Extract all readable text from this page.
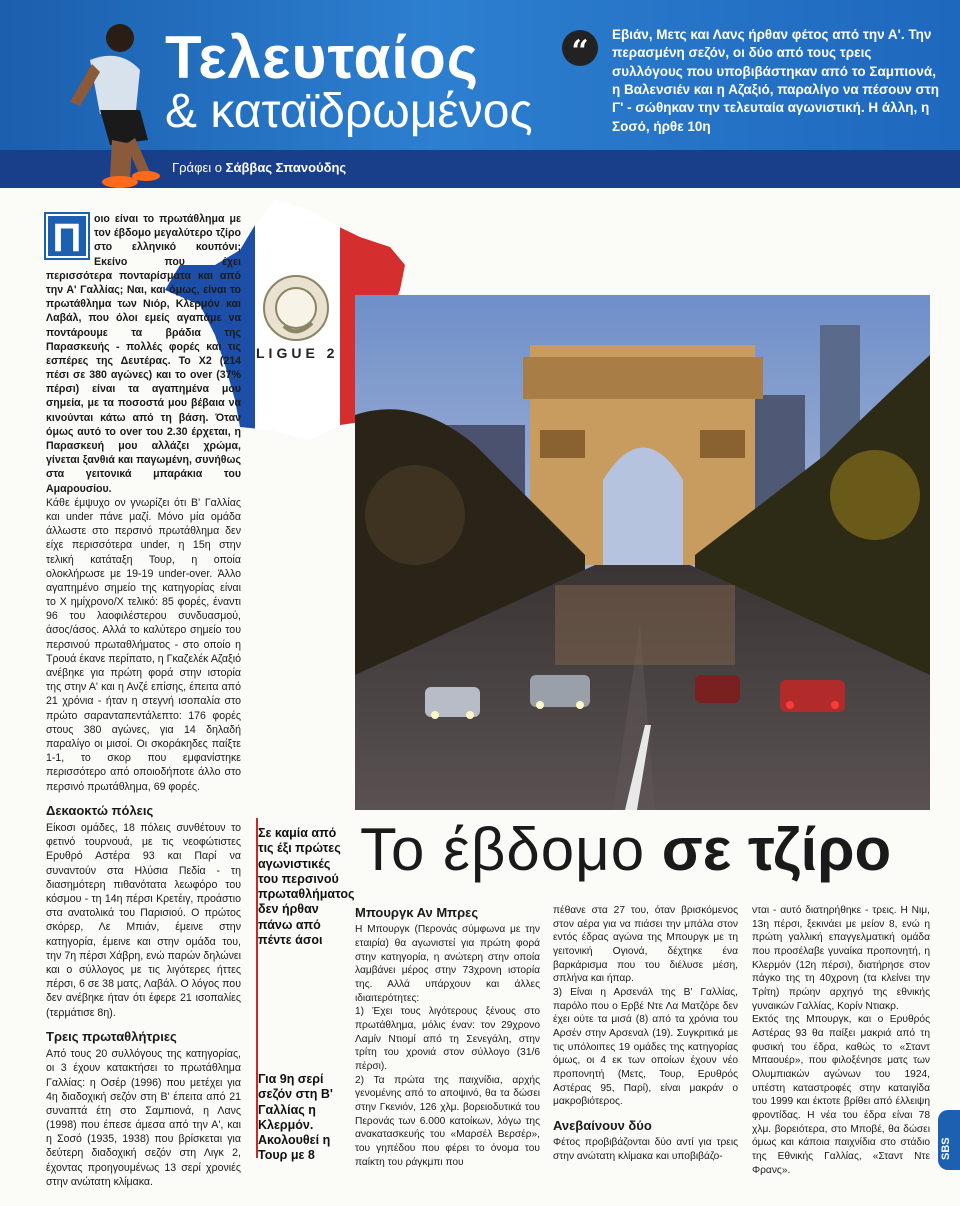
Τελευταίος
& καταϊδρωμένος
Γράφει ο Σάββας Σπανούδης
“	Εβιάν, Μετς και Λανς ήρθαν φέτος από την Α'. Την περασμένη σεζόν, οι δύο από τους τρεις συλλόγους που υποβιβάστηκαν από το Σαμπιονά, η Βαλενσιέν και η Αζαξιό, παραλίγο να πέσουν στη Γ' - σώθηκαν την τελευταία αγωνιστική. Η άλλη, η Σοσό, ήρθε 10η
LIGUE 2
Π	οιο είναι το πρωτάθλημα με τον έβδομο μεγαλύτερο τζίρο στο ελληνικό κουπόνι; Εκείνο που έχει περισσότερα πονταρίσματα και από την Α' Γαλλίας; Ναι, και όμως, είναι το πρωτάθλημα των Νιόρ, Κλερμόν και Λαβάλ, που όλοι εμείς αγαπάμε να ποντάρουμε τα βράδια της Παρασκευής - πολλές φορές και τις εσπέρες της Δευτέρας. Το Χ2 (214 πέσι σε 380 αγώνες) και το over (37% πέρσι) είναι τα αγαπημένα μου σημεία, με τα ποσοστά μου βέβαια να κινούνται κάτω από τη βάση. Όταν όμως αυτό το over του 2.30 έρχεται, η Παρασκευή μου αλλάζει χρώμα, γίνεται ξανθιά και παγωμένη, συνήθως στα γειτονικά μπαράκια του Αμαρουσίου.

Κάθε έμψυχο ον γνωρίζει ότι Β' Γαλλίας και under πάνε μαζί. Μόνο μία ομάδα άλλωστε στο περσινό πρωτάθλημα δεν είχε περισσότερα under, η 15η στην τελική κατάταξη Τουρ, η οποία ολοκλήρωσε με 19-19 under-over. Άλλο αγαπημένο σημείο της κατηγορίας είναι το Χ ημίχρονο/Χ τελικό: 85 φορές, έναντι 96 του λαοφιλέστερου συνδυασμού, άσος/άσος. Αλλά το καλύτερο σημείο του περσινού πρωταθλήματος - στο οποίο η Τρουά έκανε περίπατο, η Γκαζελέκ Αζαξιό ανέβηκε για πρώτη φορά στην ιστορία της στην Α' και η Ανζέ επίσης, έπειτα από 21 χρόνια - ήταν η στεγνή ισοπαλία στο πρώτο σαρανταπεντάλεπτο: 176 φορές στους 380 αγώνες, για 14 δηλαδή παραλίγο οι μισοί. Οι σκοράκηδες παίξτε 1-1, το σκορ που εμφανίστηκε περισσότερο από οποιοδήποτε άλλο στο περσινό πρωτάθλημα, 69 φορές.

Δεκαοκτώ πόλεις

Είκοσι ομάδες, 18 πόλεις συνθέτουν το φετινό τουρνουά, με τις νεοφώτιστες Ερυθρό Αστέρα 93 και Παρί να συναντούν στα Ηλύσια Πεδία - τη διασημότερη πιθανότατα λεωφόρο του κόσμου - τη 14η πέρσι Κρετέιγ, προάστιο στα ανατολικά του Παρισιού. Ο πρώτος σκόρερ, Λε Μπιάν, έμεινε στην κατηγορία, έμεινε και στην ομάδα του, την 7η πέρσι Χάβρη, ενώ παρών δηλώνει και ο σύλλογος με τις λιγότερες ήττες πέρσι, 6 σε 38 ματς, Λαβάλ. Ο λόγος που δεν ανέβηκε ήταν ότι έφερε 21 ισοπαλίες (τερμάτισε 8η).

Τρεις πρωταθλήτριες

Από τους 20 συλλόγους της κατηγορίας, οι 3 έχουν κατακτήσει το πρωτάθλημα Γαλλίας: η Οσέρ (1996) που μετέχει για 4η διαδοχική σεζόν στη Β' έπειτα από 21 συναπτά έτη στο Σαμπιονά, η Λανς (1998) που έπεσε άμεσα από την Α', και η Σοσό (1935, 1938) που βρίσκεται για δεύτερη διαδοχική σεζόν στη Λιγκ 2, έχοντας προηγουμένως 13 σερί χρονιές στην ανώτατη κλίμακα.

Σε καμία από τις έξι πρώτες αγωνιστικές του περσινού πρωταθλήματος δεν ήρθαν πάνω από πέντε άσοι
Για 9η σερί σεζόν στη Β' Γαλλίας η Κλερμόν. Ακολουθεί η Τουρ με 8
Το έβδομο σε τζίρο
Μπουργκ Αν Μπρες

Η Μπουργκ (Περονάς σύμφωνα με την εταιρία) θα αγωνιστεί για πρώτη φορά στην κατηγορία, η ανώτερη στην οποία λαμβάνει μέρος στην 73χρονη ιστορία της. Αλλά υπάρχουν και άλλες ιδιαιτερότητες:

1) Έχει τους λιγότερους ξένους στο πρωτάθλημα, μόλις έναν: τον 29χρονο Λαμίν Ντιομί από τη Σενεγάλη, στην τρίτη του χρονιά στον σύλλογο (31/6 πέρσι).

2) Τα πρώτα της παιχνίδια, αρχής γενομένης από το αποψινό, θα τα δώσει στην Γκενιόν, 126 χλμ. βορειοδυτικά του Περονάς των 6.000 κατοίκων, λόγω της ανακατασκευής του «Μαρσέλ Βερσέρ», του γηπέδου που φέρει το όνομα του παίκτη του ράγκμπι που

πέθανε στα 27 του, όταν βρισκόμενος στον αέρα για να πιάσει την μπάλα στον εντός έδρας αγώνα της Μπουργκ με τη γειτονική Ογιονά, δέχτηκε ένα βαρκάρισμα που του διέλυσε μέση, σπλήνα και ήπαρ.

3) Είναι η Αρσενάλ της Β' Γαλλίας, παρόλο που ο Ερβέ Ντε Λα Ματζόρε δεν έχει ούτε τα μισά (8) από τα χρόνια του Αρσέν στην Αρσεναλ (19). Συγκριτικά με τις υπόλοιπες 19 ομάδες της κατηγορίας όμως, οι 4 εκ των οποίων έχουν νέο προπονητή (Μετς, Τουρ, Ερυθρός Αστέρας 95, Παρί), είναι μακράν ο μακροβιότερος.

Ανεβαίνουν δύο

Φέτος προβιβάζονται δύο αντί για τρεις στην ανώτατη κλίμακα και υποβιβάζο-

νται - αυτό διατηρήθηκε - τρεις. Η Νιμ, 13η πέρσι, ξεκινάει με μείον 8, ενώ η πρώτη γαλλική επαγγελματική ομάδα που προσέλαβε γυναίκα προπονητή, η Κλερμόν (12η πέρσι), διατήρησε στον πάγκο της τη 40χρονη (τα κλείνει την Τρίτη) πρώην αρχηγό της εθνικής γυναικών Γαλλίας, Κορίν Ντιακρ.

Εκτός της Μπουργκ, και ο Ερυθρός Αστέρας 93 θα παίξει μακριά από τη φυσική του έδρα, καθώς το «Σταντ Μπαουέρ», που φιλοξένησε ματς των Ολυμπιακών αγώνων του 1924, υπέστη καταστροφές στην καταιγίδα του 1999 και έκτοτε βρίθει από έλλειψη φροντίδας. Η νέα του έδρα είναι 78 χλμ. βορειότερα, στο Μποβέ, θα δώσει όμως και κάποια παιχνίδια στο στάδιο της Εθνικής Γαλλίας, «Σταντ Ντε Φρανς».

SBS
